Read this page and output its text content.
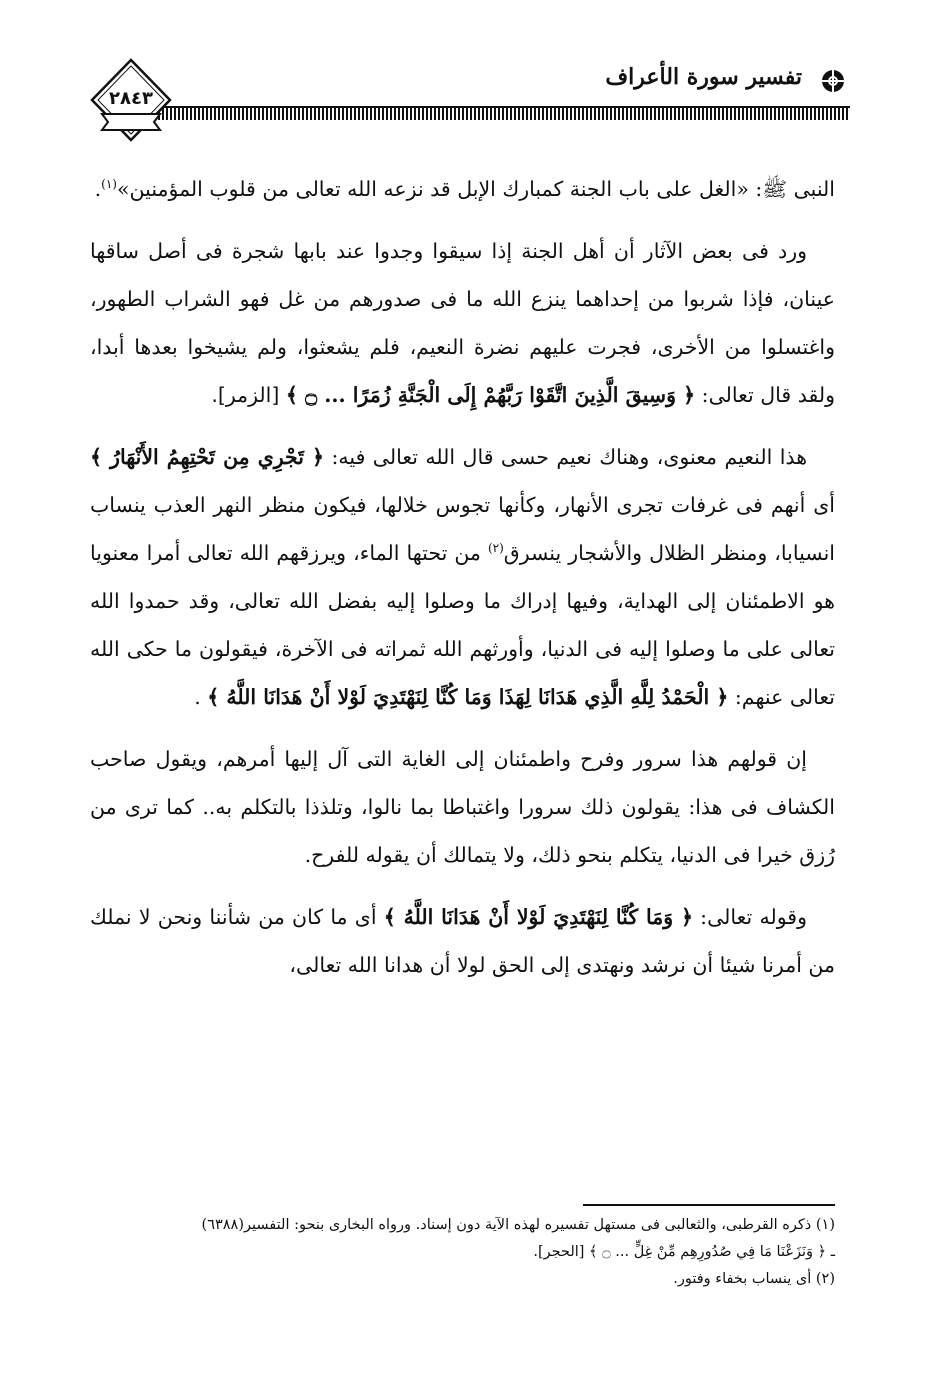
تفسير سورة الأعراف
٢٨٤٣

النبى ﷺ: «الغل على باب الجنة كمبارك الإبل قد نزعه الله تعالى من قلوب المؤمنين»$^{(١)}$.

ورد فى بعض الآثار أن أهل الجنة إذا سيقوا وجدوا عند بابها شجرة فى أصل ساقها عينان، فإذا شربوا من إحداهما ينزع الله ما فى صدورهم من غل فهو الشراب الطهور، واغتسلوا من الأخرى، فجرت عليهم نضرة النعيم، فلم يشعثوا، ولم يشيخوا بعدها أبدا، ولقد قال تعالى: ﴿ وَسِيقَ الَّذِينَ اتَّقَوْا رَبَّهُمْ إِلَى الْجَنَّةِ زُمَرًا ... ۝ ﴾ [الزمر].

هذا النعيم معنوى، وهناك نعيم حسى قال الله تعالى فيه: ﴿ تَجْرِي مِن تَحْتِهِمُ الأَنْهَارُ ﴾ أى أنهم فى غرفات تجرى الأنهار، وكأنها تجوس خلالها، فيكون منظر النهر العذب ينساب انسيابا، ومنظر الظلال والأشجار ينسرق$^{(٢)}$ من تحتها الماء، ويرزقهم الله تعالى أمرا معنويا هو الاطمئنان إلى الهداية، وفيها إدراك ما وصلوا إليه بفضل الله تعالى، وقد حمدوا الله تعالى على ما وصلوا إليه فى الدنيا، وأورثهم الله ثمراته فى الآخرة، فيقولون ما حكى الله تعالى عنهم: ﴿ الْحَمْدُ لِلَّهِ الَّذِي هَدَانَا لِهَذَا وَمَا كُنَّا لِنَهْتَدِيَ لَوْلا أَنْ هَدَانَا اللَّهُ ﴾ .

إن قولهم هذا سرور وفرح واطمئنان إلى الغاية التى آل إليها أمرهم، ويقول صاحب الكشاف فى هذا: يقولون ذلك سرورا واغتباطا بما نالوا، وتلذذا بالتكلم به.. كما ترى من رُزق خيرا فى الدنيا، يتكلم بنحو ذلك، ولا يتمالك أن يقوله للفرح.

وقوله تعالى: ﴿ وَمَا كُنَّا لِنَهْتَدِيَ لَوْلا أَنْ هَدَانَا اللَّهُ ﴾ أى ما كان من شأننا ونحن لا نملك من أمرنا شيئا أن نرشد ونهتدى إلى الحق لولا أن هدانا الله تعالى،

(١) ذكره القرطبى، والثعالبى فى مستهل تفسيره لهذه الآية دون إسناد. ورواه البخارى بنحو: التفسير(٦٣٨٨)

ـ ﴿ وَنَزَعْنَا مَا فِي صُدُورِهِم مِّنْ غِلٍّ ... ۝ ﴾ [الحجر].

(٢) أى ينساب بخفاء وفتور.
